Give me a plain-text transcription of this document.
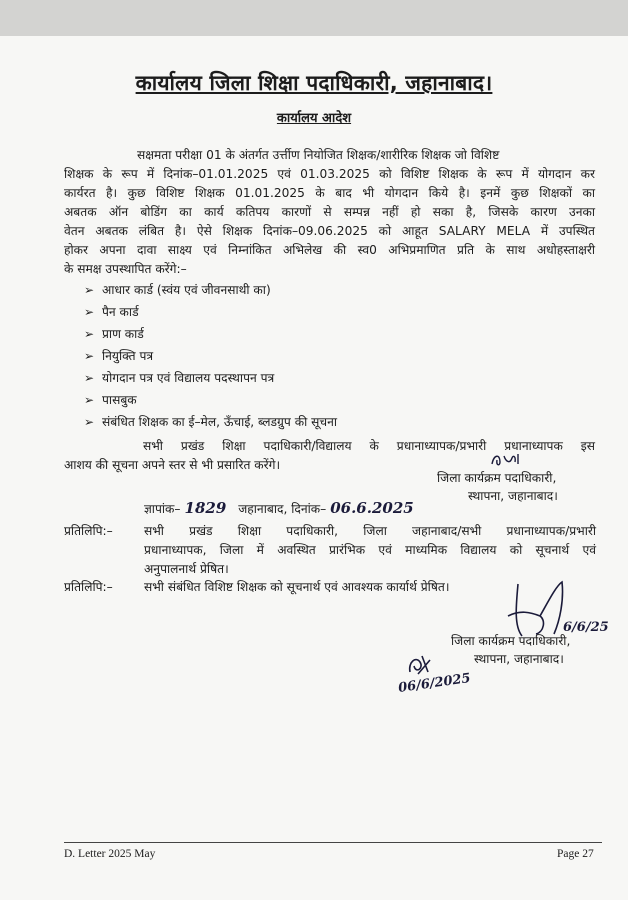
कार्यालय जिला शिक्षा पदाधिकारी, जहानाबाद।
कार्यालय आदेश
सक्षमता परीक्षा 01 के अंतर्गत उर्त्तीण नियोजित शिक्षक/शारीरिक शिक्षक जो विशिष्ट
शिक्षक के रूप में दिनांक–01.01.2025 एवं 01.03.2025 को विशिष्ट शिक्षक के रूप में योगदान कर
कार्यरत है। कुछ विशिष्ट शिक्षक 01.01.2025 के बाद भी योगदान किये है। इनमें कुछ शिक्षकों का
अबतक ऑन बोडिंग का कार्य कतिपय कारणों से सम्पन्न नहीं हो सका है, जिसके कारण उनका
वेतन अबतक लंबित है। ऐसे शिक्षक दिनांक–09.06.2025 को आहूत SALARY MELA में उपस्थित
होकर अपना दावा साक्ष्य एवं निम्नांकित अभिलेख की स्व0 अभिप्रमाणित प्रति के साथ अधोहस्ताक्षरी
के समक्ष उपस्थापित करेंगे:–
➢ आधार कार्ड (स्वंय एवं जीवनसाथी का)
➢ पैन कार्ड
➢ प्राण कार्ड
➢ नियुक्ति पत्र
➢ योगदान पत्र एवं विद्यालय पदस्थापन पत्र
➢ पासबुक
➢ संबंधित शिक्षक का ई–मेल, ऊँचाई, ब्लडग्रुप की सूचना
सभी प्रखंड शिक्षा पदाधिकारी/विद्यालय के प्रधानाध्यापक/प्रभारी प्रधानाध्यापक इस
आशय की सूचना अपने स्तर से भी प्रसारित करेंगे।
जिला कार्यक्रम पदाधिकारी,
स्थापना, जहानाबाद।
ज्ञापांक– 1829 जहानाबाद, दिनांक– 06.6.2025
प्रतिलिपि:–	सभी प्रखंड शिक्षा पदाधिकारी, जिला जहानाबाद/सभी प्रधानाध्यापक/प्रभारी
प्रधानाध्यापक, जिला में अवस्थित प्रारंभिक एवं माध्यमिक विद्यालय को सूचनार्थ एवं
अनुपालनार्थ प्रेषित।
प्रतिलिपि:–	सभी संबंधित विशिष्ट शिक्षक को सूचनार्थ एवं आवश्यक कार्यार्थ प्रेषित।
6/6/25
जिला कार्यक्रम पदाधिकारी,
स्थापना, जहानाबाद।
06/6/2025
D. Letter 2025 May	Page 27
